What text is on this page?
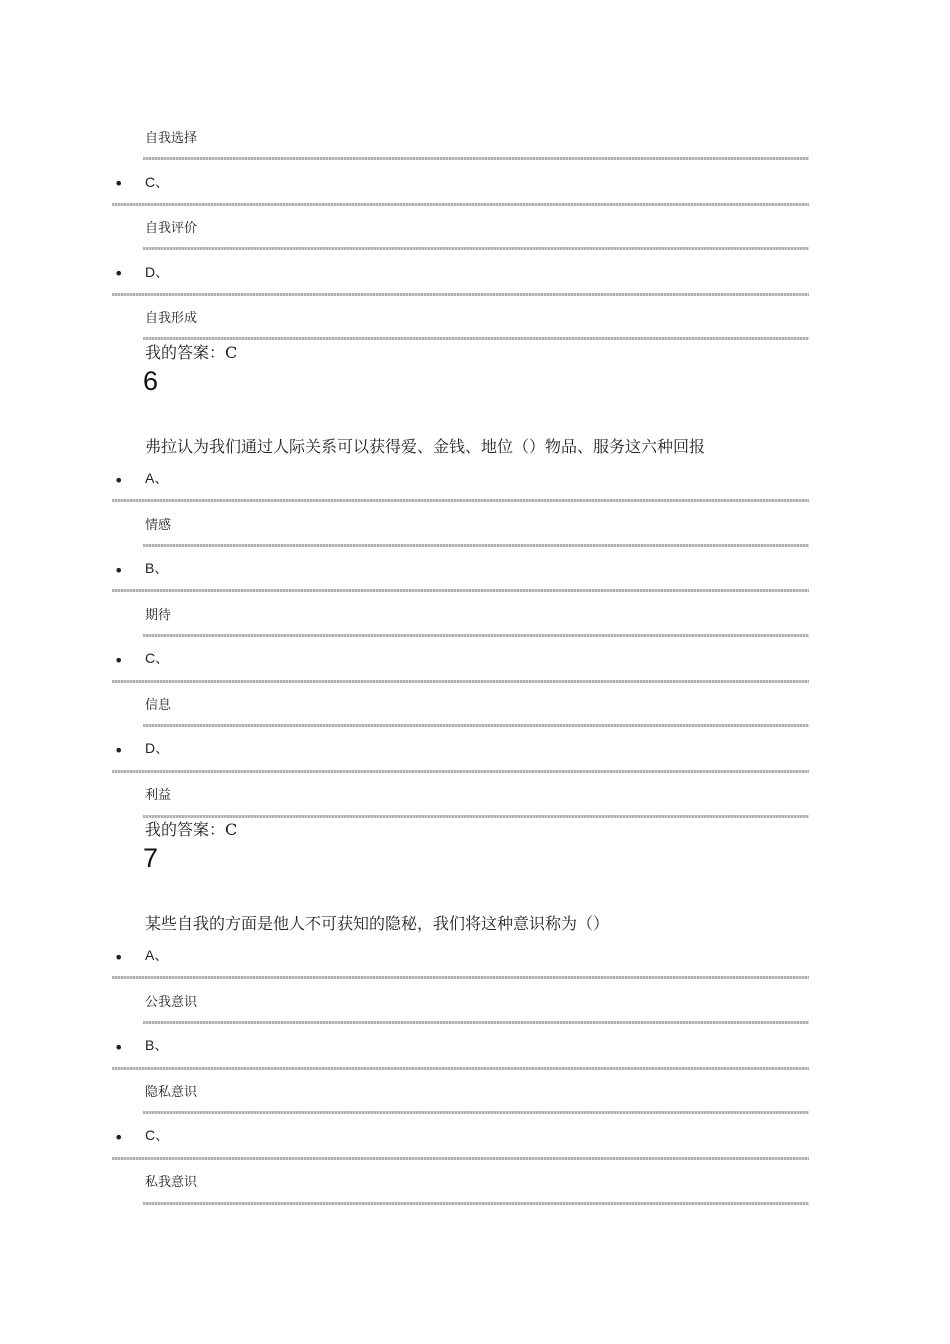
自我选择
• C、
自我评价
• D、
自我形成
我的答案：C
6
弗拉认为我们通过人际关系可以获得爱、金钱、地位（）物品、服务这六种回报
• A、
情感
• B、
期待
• C、
信息
• D、
利益
我的答案：C
7
某些自我的方面是他人不可获知的隐秘，我们将这种意识称为（）
• A、
公我意识
• B、
隐私意识
• C、
私我意识
